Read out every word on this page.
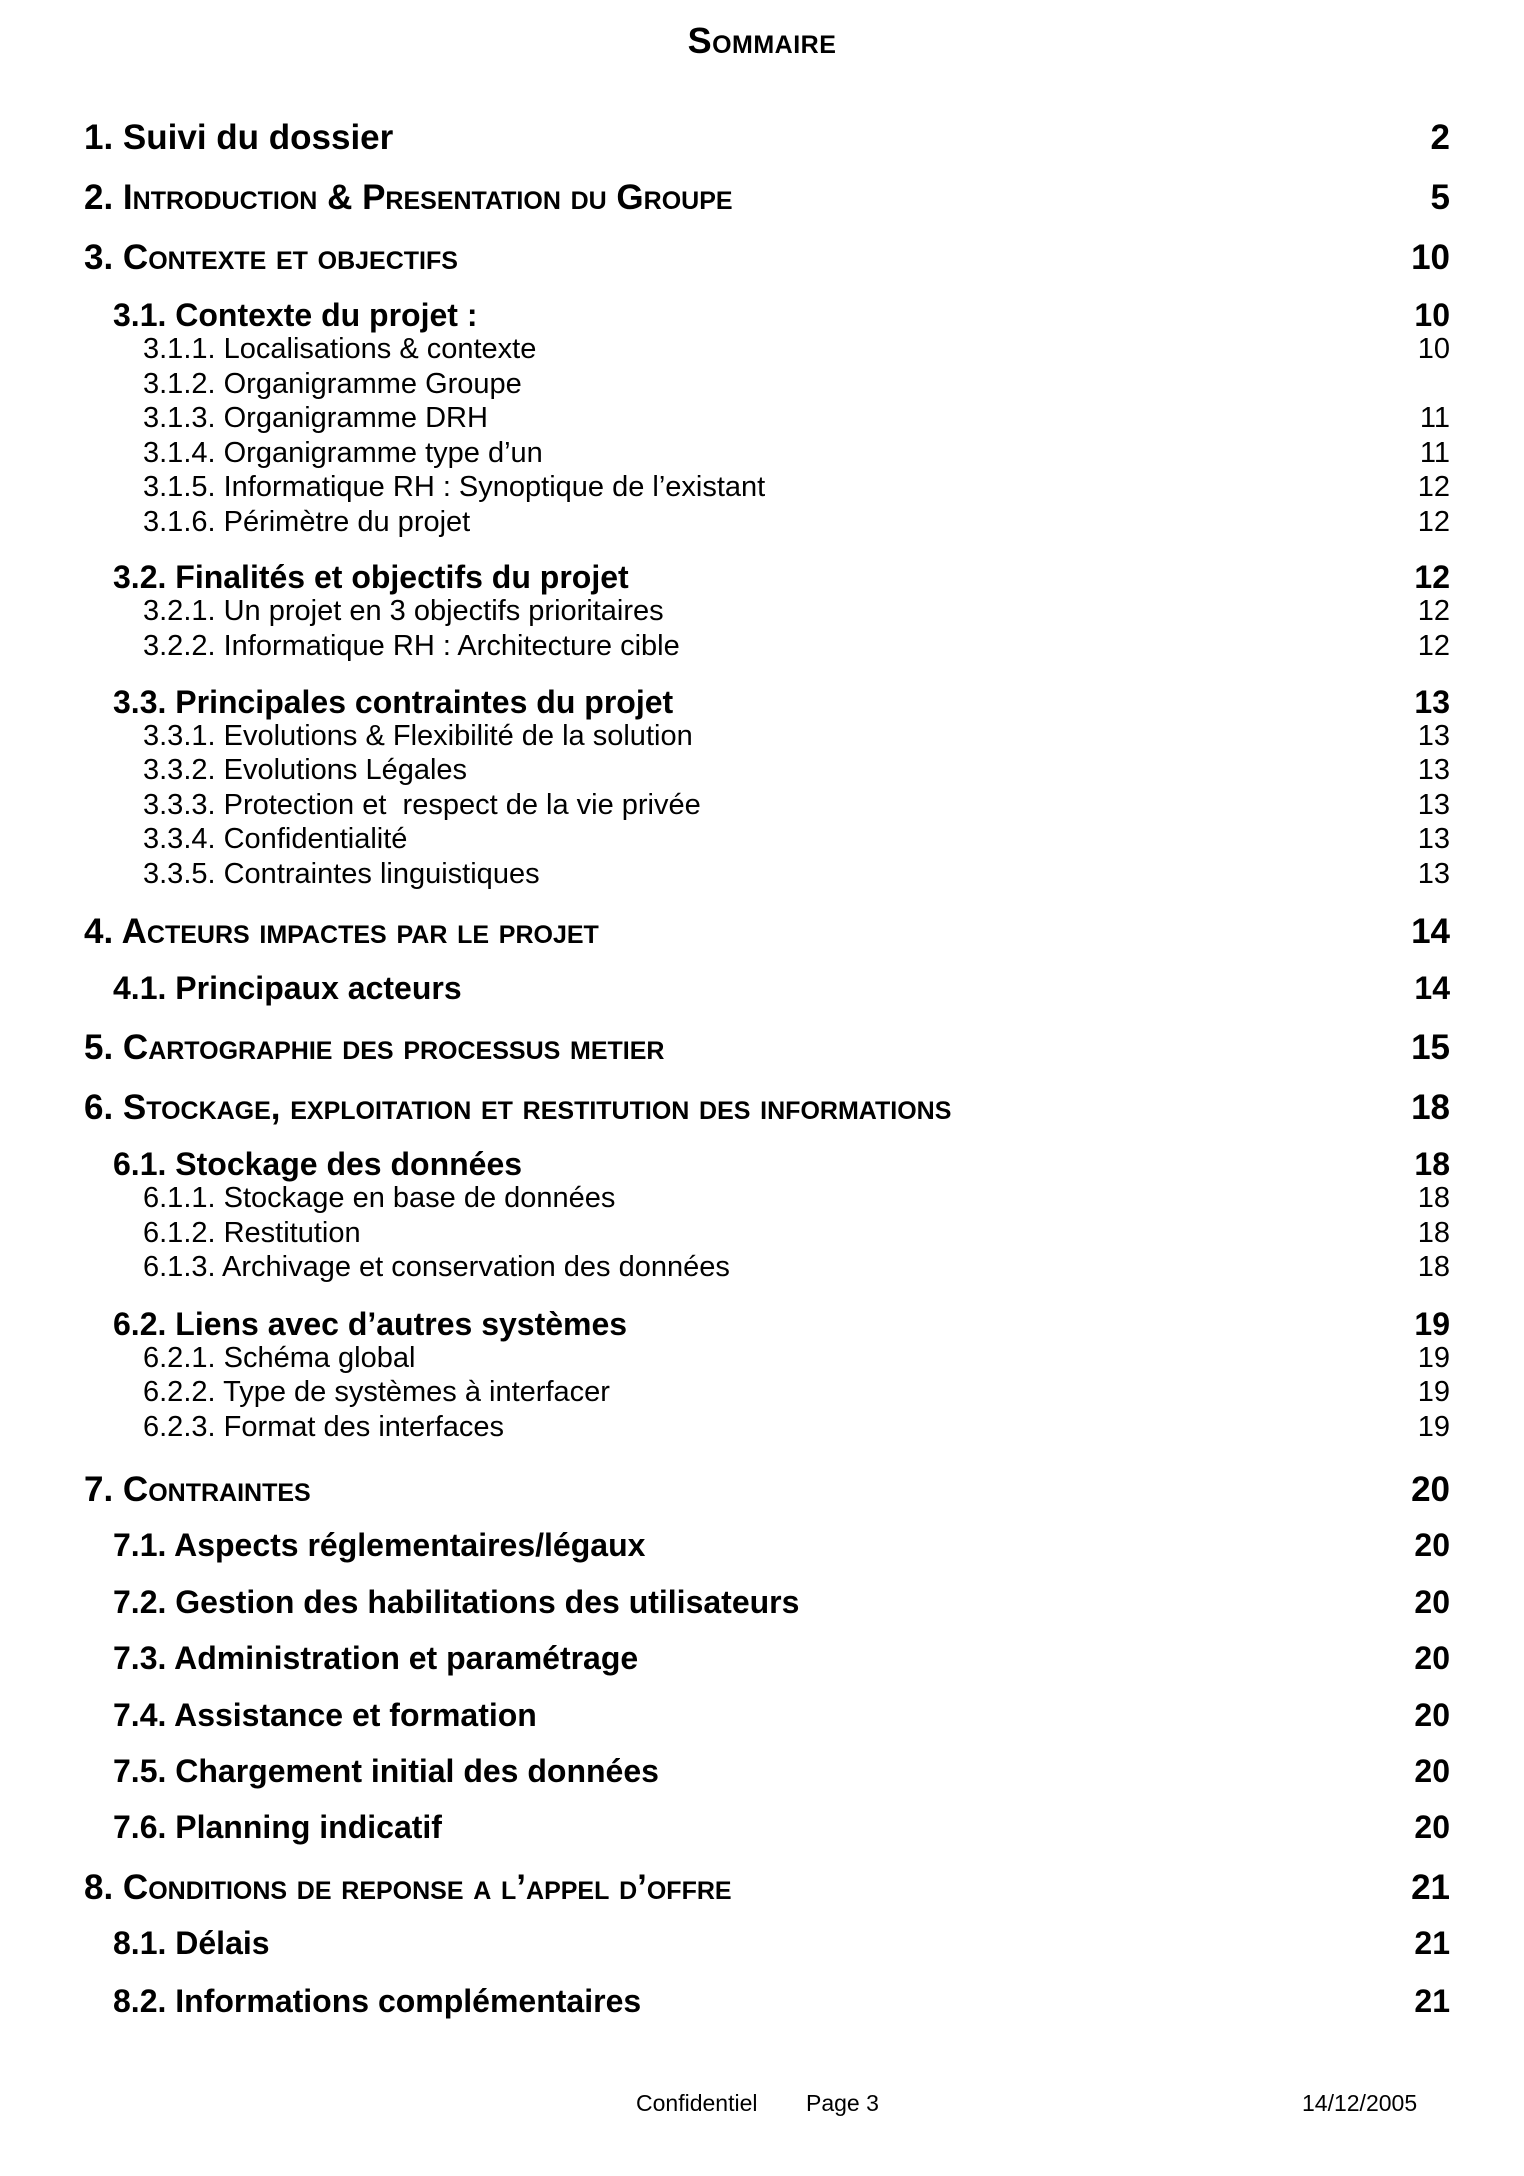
Sommaire
1. Suivi du dossier	2
2. Introduction & Presentation du Groupe	5
3. Contexte et objectifs	10
3.1. Contexte du projet :	10
3.1.1. Localisations & contexte	10
3.1.2. Organigramme Groupe
3.1.3. Organigramme DRH	11
3.1.4. Organigramme type d’un	11
3.1.5. Informatique RH : Synoptique de l’existant	12
3.1.6. Périmètre du projet	12
3.2. Finalités et objectifs du projet	12
3.2.1. Un projet en 3 objectifs prioritaires	12
3.2.2. Informatique RH : Architecture cible	12
3.3. Principales contraintes du projet	13
3.3.1. Evolutions & Flexibilité de la solution	13
3.3.2. Evolutions Légales	13
3.3.3. Protection et  respect de la vie privée	13
3.3.4. Confidentialité	13
3.3.5. Contraintes linguistiques	13
4. Acteurs impactes par le projet	14
4.1. Principaux acteurs	14
5. Cartographie des processus metier	15
6. Stockage, exploitation et restitution des informations	18
6.1. Stockage des données	18
6.1.1. Stockage en base de données	18
6.1.2. Restitution	18
6.1.3. Archivage et conservation des données	18
6.2. Liens avec d’autres systèmes	19
6.2.1. Schéma global	19
6.2.2. Type de systèmes à interfacer	19
6.2.3. Format des interfaces	19
7. Contraintes	20
7.1. Aspects réglementaires/légaux	20
7.2. Gestion des habilitations des utilisateurs	20
7.3. Administration et paramétrage	20
7.4. Assistance et formation	20
7.5. Chargement initial des données	20
7.6. Planning indicatif	20
8. Conditions de reponse a l’appel d’offre	21
8.1. Délais	21
8.2. Informations complémentaires	21
Confidentiel Page 3	14/12/2005
